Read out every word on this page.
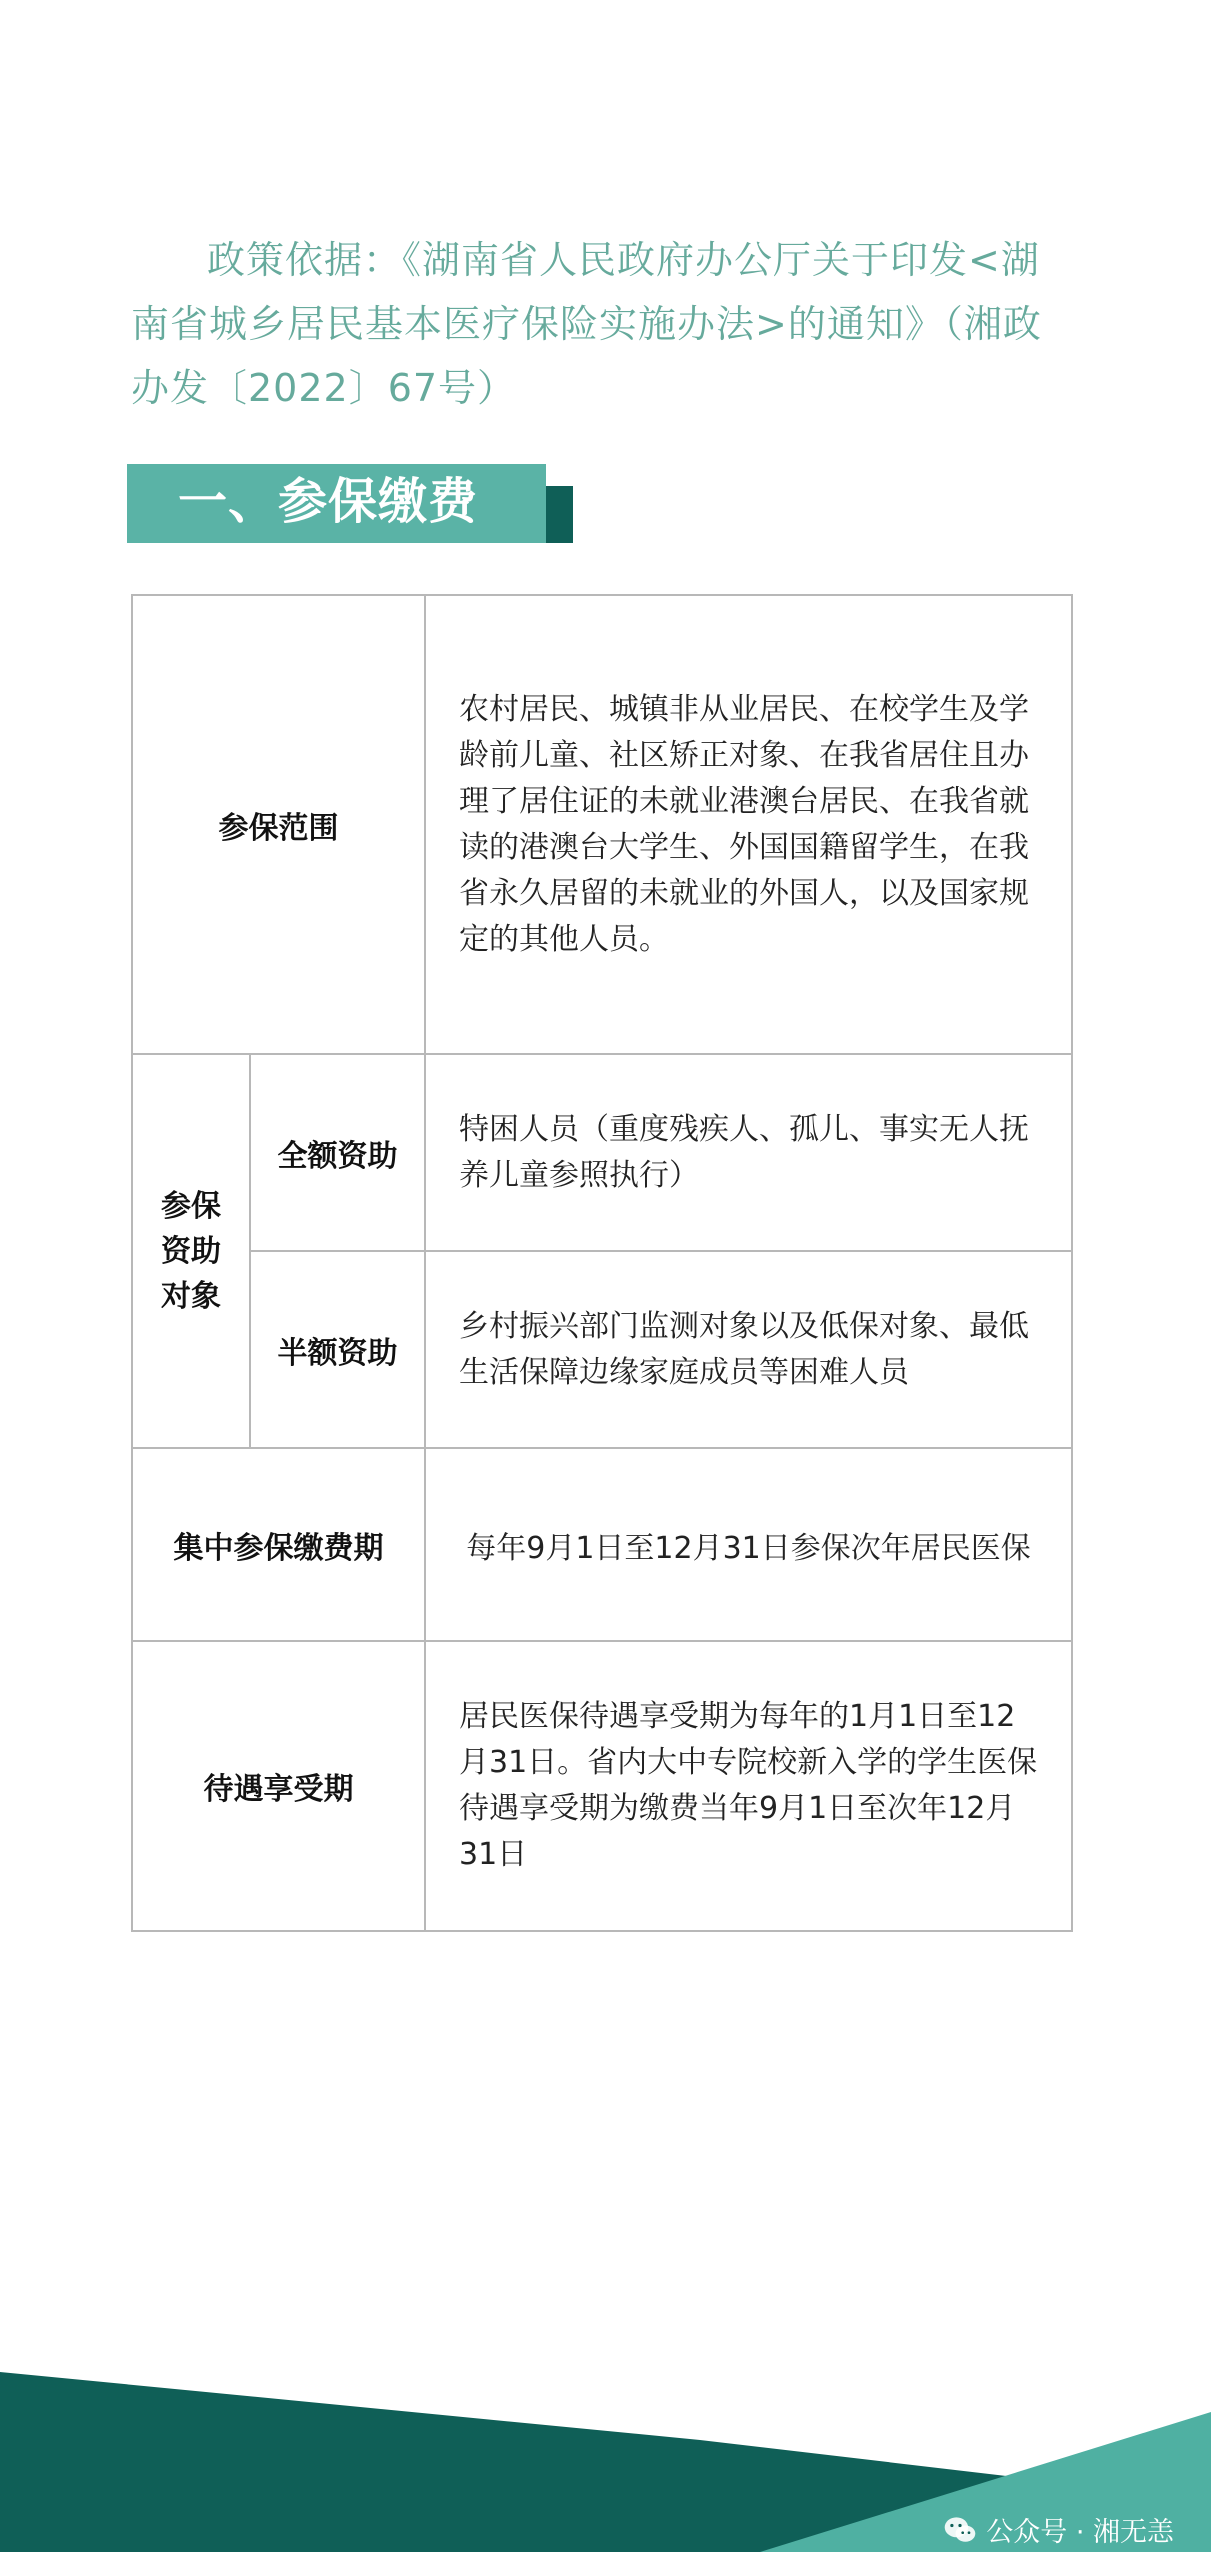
政策依据：《湖南省人民政府办公厅关于印发<湖南省城乡居民基本医疗保险实施办法>的通知》（湘政办发〔2022〕67号）
一、参保缴费
参保范围		农村居民、城镇非从业居民、在校学生及学龄前儿童、社区矫正对象、在我省居住且办理了居住证的未就业港澳台居民、在我省就读的港澳台大学生、外国国籍留学生，在我省永久居留的未就业的外国人，以及国家规定的其他人员。

参保
资助
对象	全额资助	特困人员（重度残疾人、孤儿、事实无人抚养儿童参照执行）
	半额资助	乡村振兴部门监测对象以及低保对象、最低生活保障边缘家庭成员等困难人员
集中参保缴费期		每年9月1日至12月31日参保次年居民医保
待遇享受期		居民医保待遇享受期为每年的1月1日至12月31日。省内大中专院校新入学的学生医保待遇享受期为缴费当年9月1日至次年12月31日
公众号 · 湘无恙
